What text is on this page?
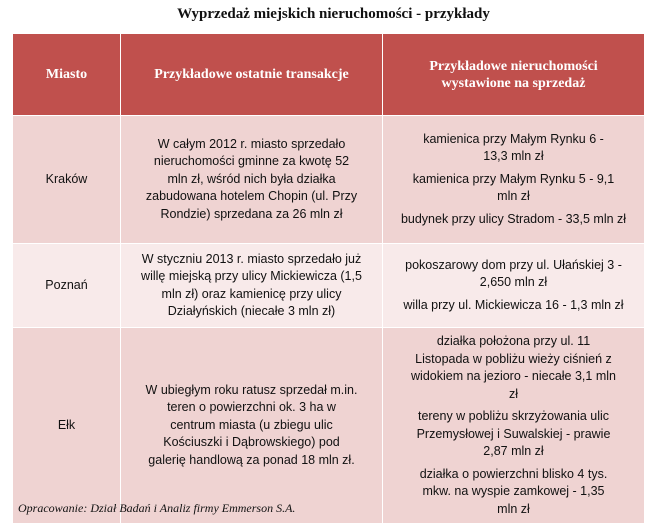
Wyprzedaż miejskich nieruchomości - przykłady
Miasto	Przykładowe ostatnie transakcje	Przykładowe nieruchomości wystawione na sprzedaż
Kraków	W całym 2012 r. miasto sprzedało nieruchomości gminne za kwotę 52 mln zł, wśród nich była działka zabudowana hotelem Chopin (ul. Przy Rondzie) sprzedana za 26 mln zł	kamienica przy Małym Rynku 6 - 13,3 mln zł
kamienica przy Małym Rynku 5 - 9,1 mln zł
budynek przy ulicy Stradom - 33,5 mln zł

Poznań	W styczniu 2013 r. miasto sprzedało już willę miejską przy ulicy Mickiewicza (1,5 mln zł) oraz kamienicę przy ulicy Działyńskich (niecałe 3 mln zł)	pokoszarowy dom przy ul. Ułańskiej 3 - 2,650 mln zł
willa przy ul. Mickiewicza 16 - 1,3 mln zł

Ełk	W ubiegłym roku ratusz sprzedał m.in. teren o powierzchni ok. 3 ha w centrum miasta (u zbiegu ulic Kościuszki i Dąbrowskiego) pod galerię handlową za ponad 18 mln zł.	działka położona przy ul. 11 Listopada w pobliżu wieży ciśnień z widokiem na jezioro - niecałe 3,1 mln zł
tereny w pobliżu skrzyżowania ulic Przemysłowej i Suwalskiej - prawie 2,87 mln zł
działka o powierzchni blisko 4 tys. mkw. na wyspie zamkowej - 1,35 mln zł
Opracowanie: Dział Badań i Analiz firmy Emmerson S.A.
